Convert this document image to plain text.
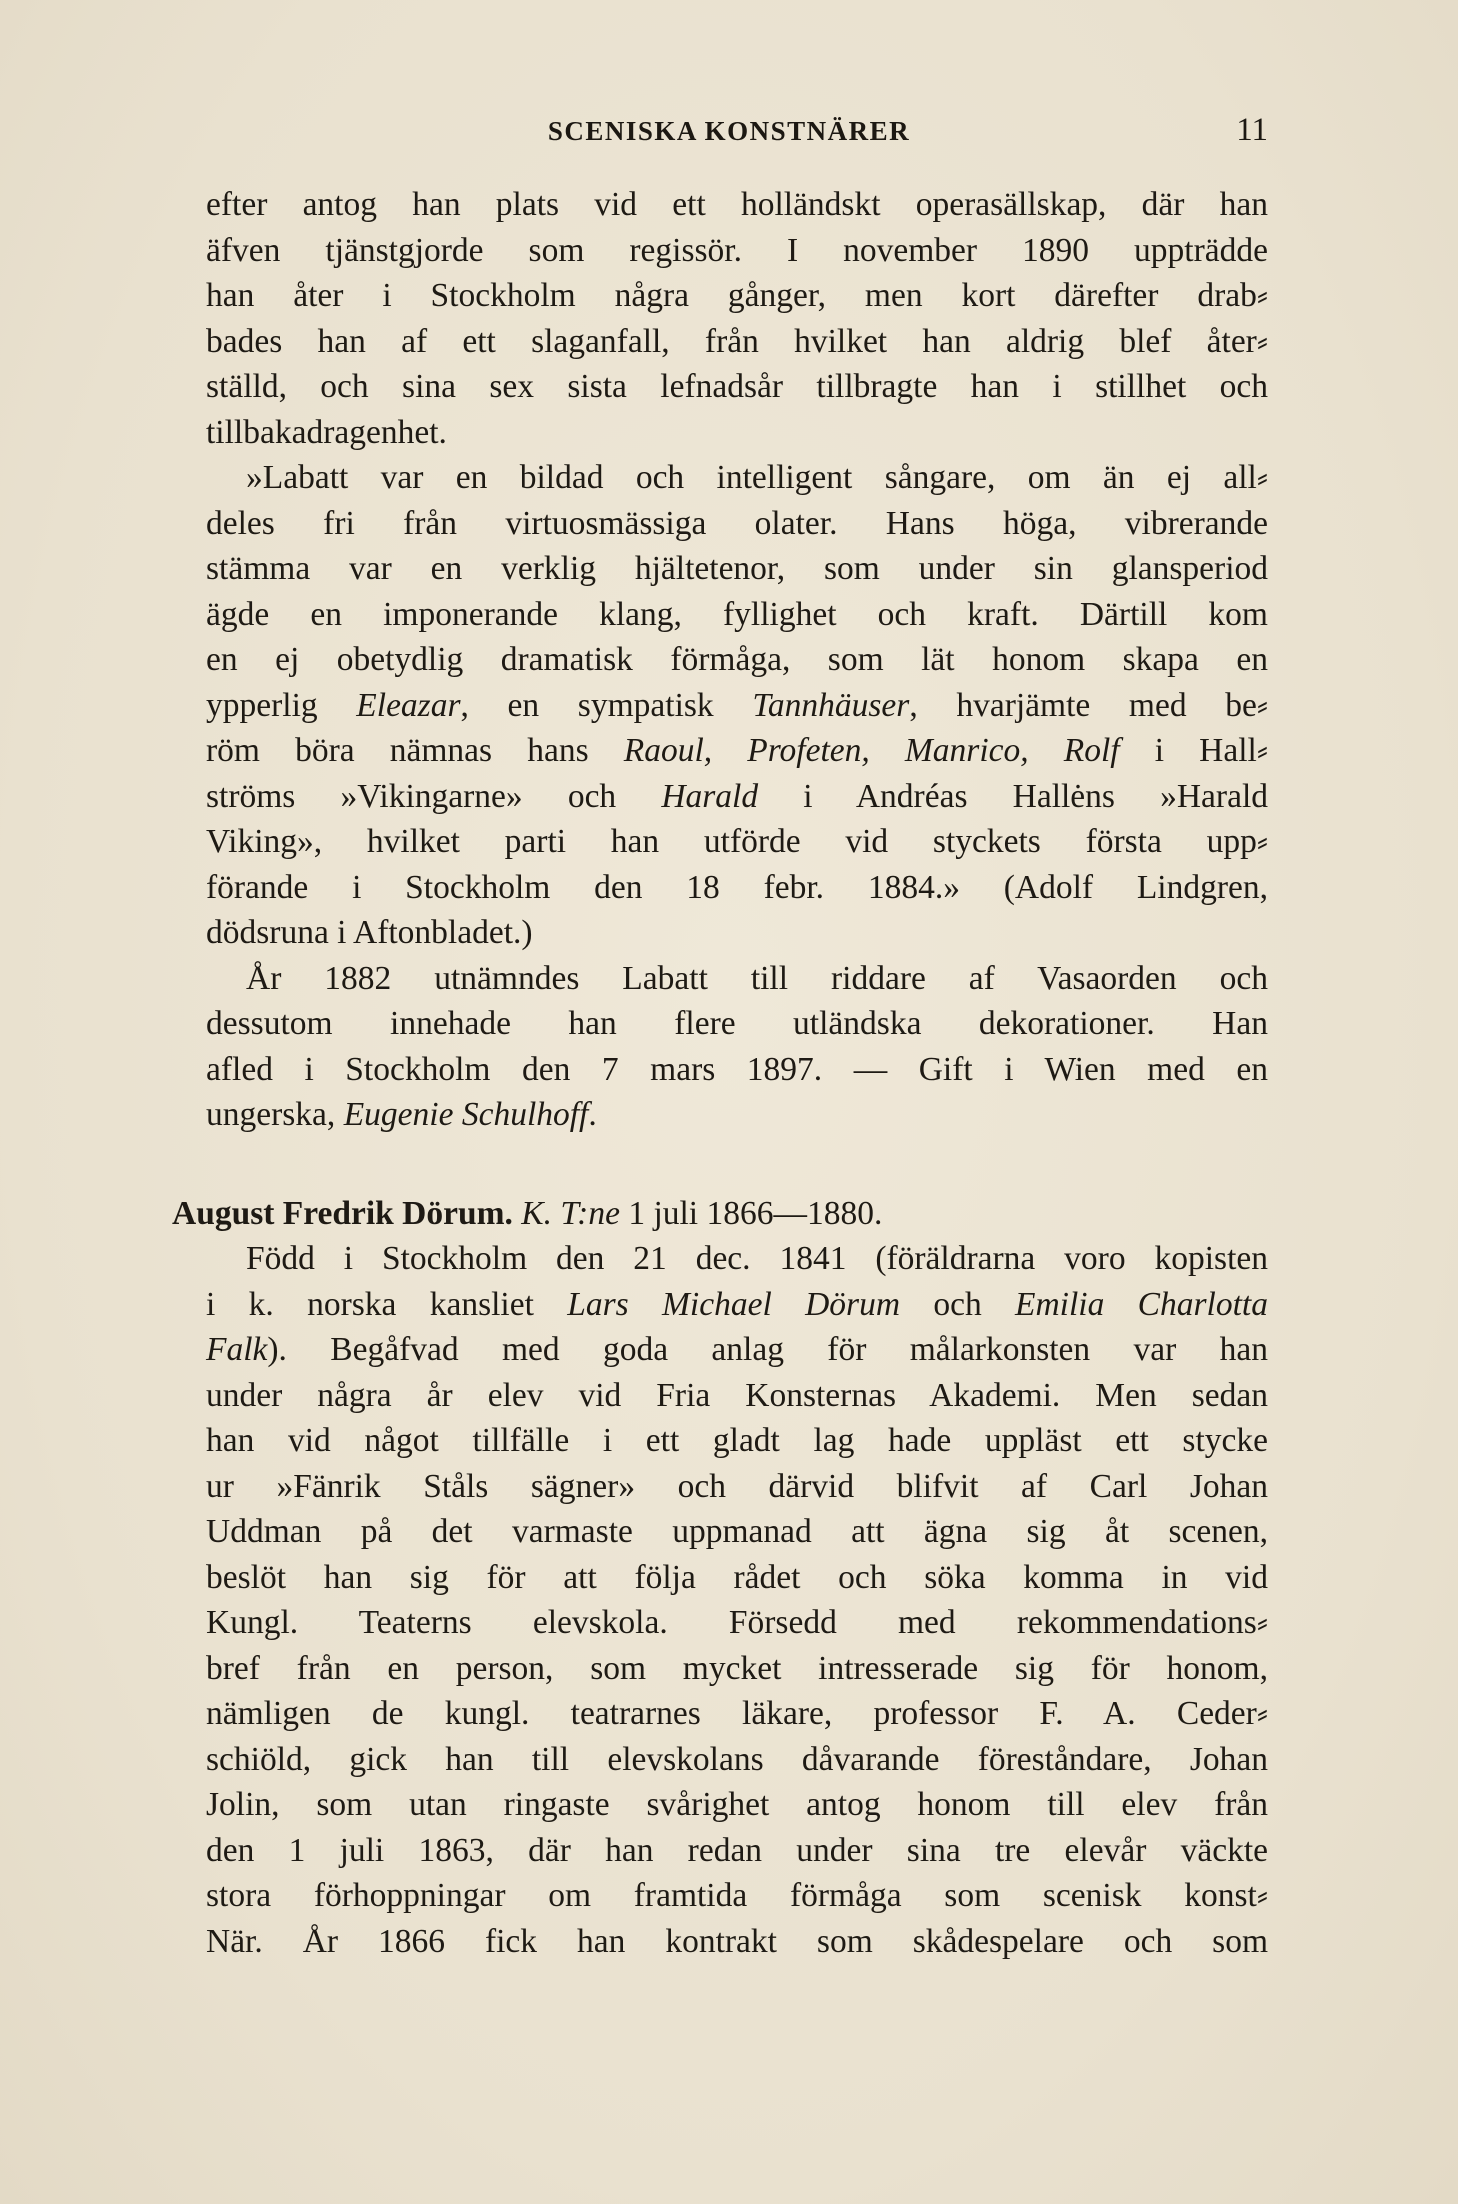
SCENISKA KONSTNÄRER	11

efter antog han plats vid ett holländskt operasällskap, där han

äfven tjänstgjorde som regissör. I november 1890 uppträdde

han åter i Stockholm några gånger, men kort därefter drab⸗

bades han af ett slaganfall, från hvilket han aldrig blef åter⸗

ställd, och sina sex sista lefnadsår tillbragte han i stillhet och

tillbakadragenhet.

»Labatt var en bildad och intelligent sångare, om än ej all⸗

deles fri från virtuosmässiga olater. Hans höga, vibrerande

stämma var en verklig hjältetenor, som under sin glansperiod

ägde en imponerande klang, fyllighet och kraft. Därtill kom

en ej obetydlig dramatisk förmåga, som lät honom skapa en

ypperlig Eleazar, en sympatisk Tannhäuser, hvarjämte med be⸗

röm böra nämnas hans Raoul, Profeten, Manrico, Rolf i Hall⸗

ströms »Vikingarne» och Harald i Andréas Hallėns »Harald

Viking», hvilket parti han utförde vid styckets första upp⸗

förande i Stockholm den 18 febr. 1884.» (Adolf Lindgren,

dödsruna i Aftonbladet.)

År 1882 utnämndes Labatt till riddare af Vasaorden och

dessutom innehade han flere utländska dekorationer. Han

afled i Stockholm den 7 mars 1897. — Gift i Wien med en

ungerska, Eugenie Schulhoff.

August Fredrik Dörum. K. T:ne 1 juli 1866—1880.

Född i Stockholm den 21 dec. 1841 (föräldrarna voro kopisten

i k. norska kansliet Lars Michael Dörum och Emilia Charlotta

Falk). Begåfvad med goda anlag för målarkonsten var han

under några år elev vid Fria Konsternas Akademi. Men sedan

han vid något tillfälle i ett gladt lag hade uppläst ett stycke

ur »Fänrik Ståls sägner» och därvid blifvit af Carl Johan

Uddman på det varmaste uppmanad att ägna sig åt scenen,

beslöt han sig för att följa rådet och söka komma in vid

Kungl. Teaterns elevskola. Försedd med rekommendations⸗

bref från en person, som mycket intresserade sig för honom,

nämligen de kungl. teatrarnes läkare, professor F. A. Ceder⸗

schiöld, gick han till elevskolans dåvarande föreståndare, Johan

Jolin, som utan ringaste svårighet antog honom till elev från

den 1 juli 1863, där han redan under sina tre elevår väckte

stora förhoppningar om framtida förmåga som scenisk konst⸗

När. År 1866 fick han kontrakt som skådespelare och som
